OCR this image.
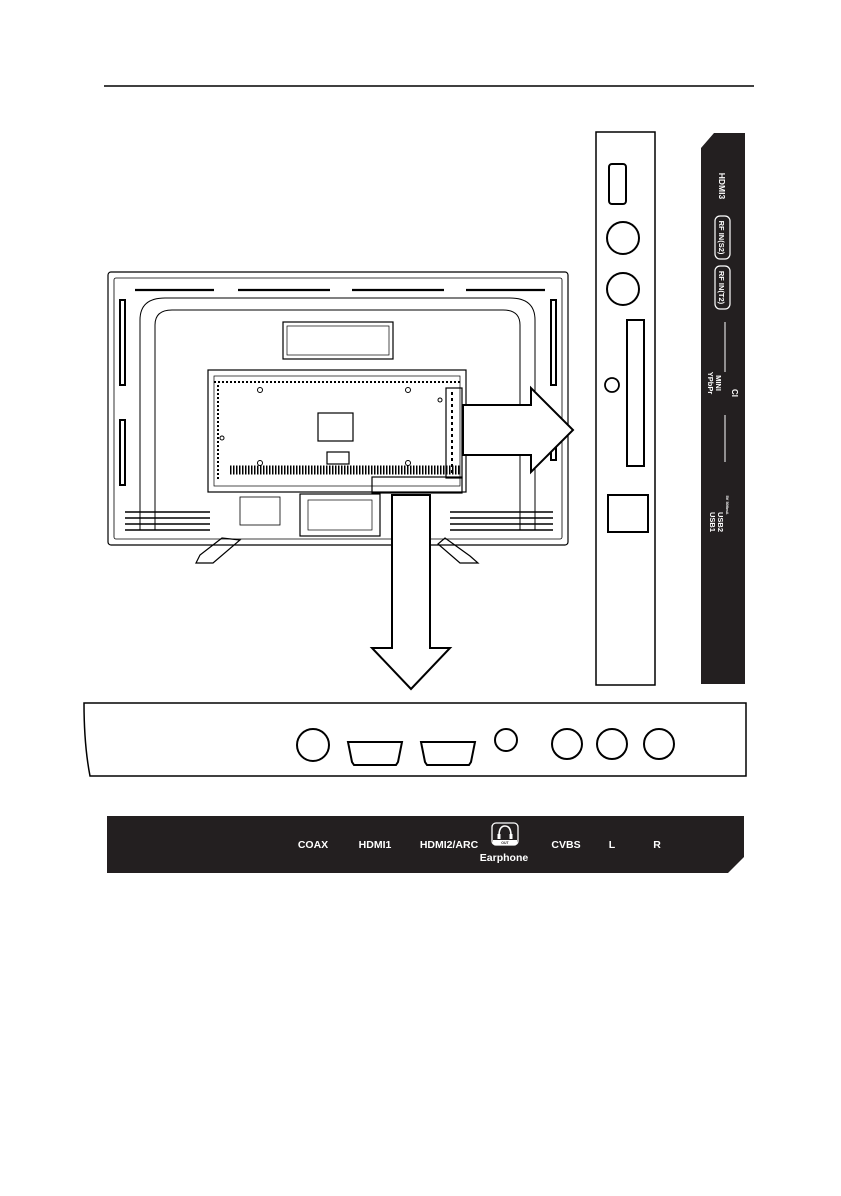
HDMI3
RF IN(S2)
RF IN(T2)
CI
MINI
YPbPr
5V 500mA
USB2
USB1
COAX	HDMI1	HDMI2/ARC	OUT
Earphone
CVBS	L	R
